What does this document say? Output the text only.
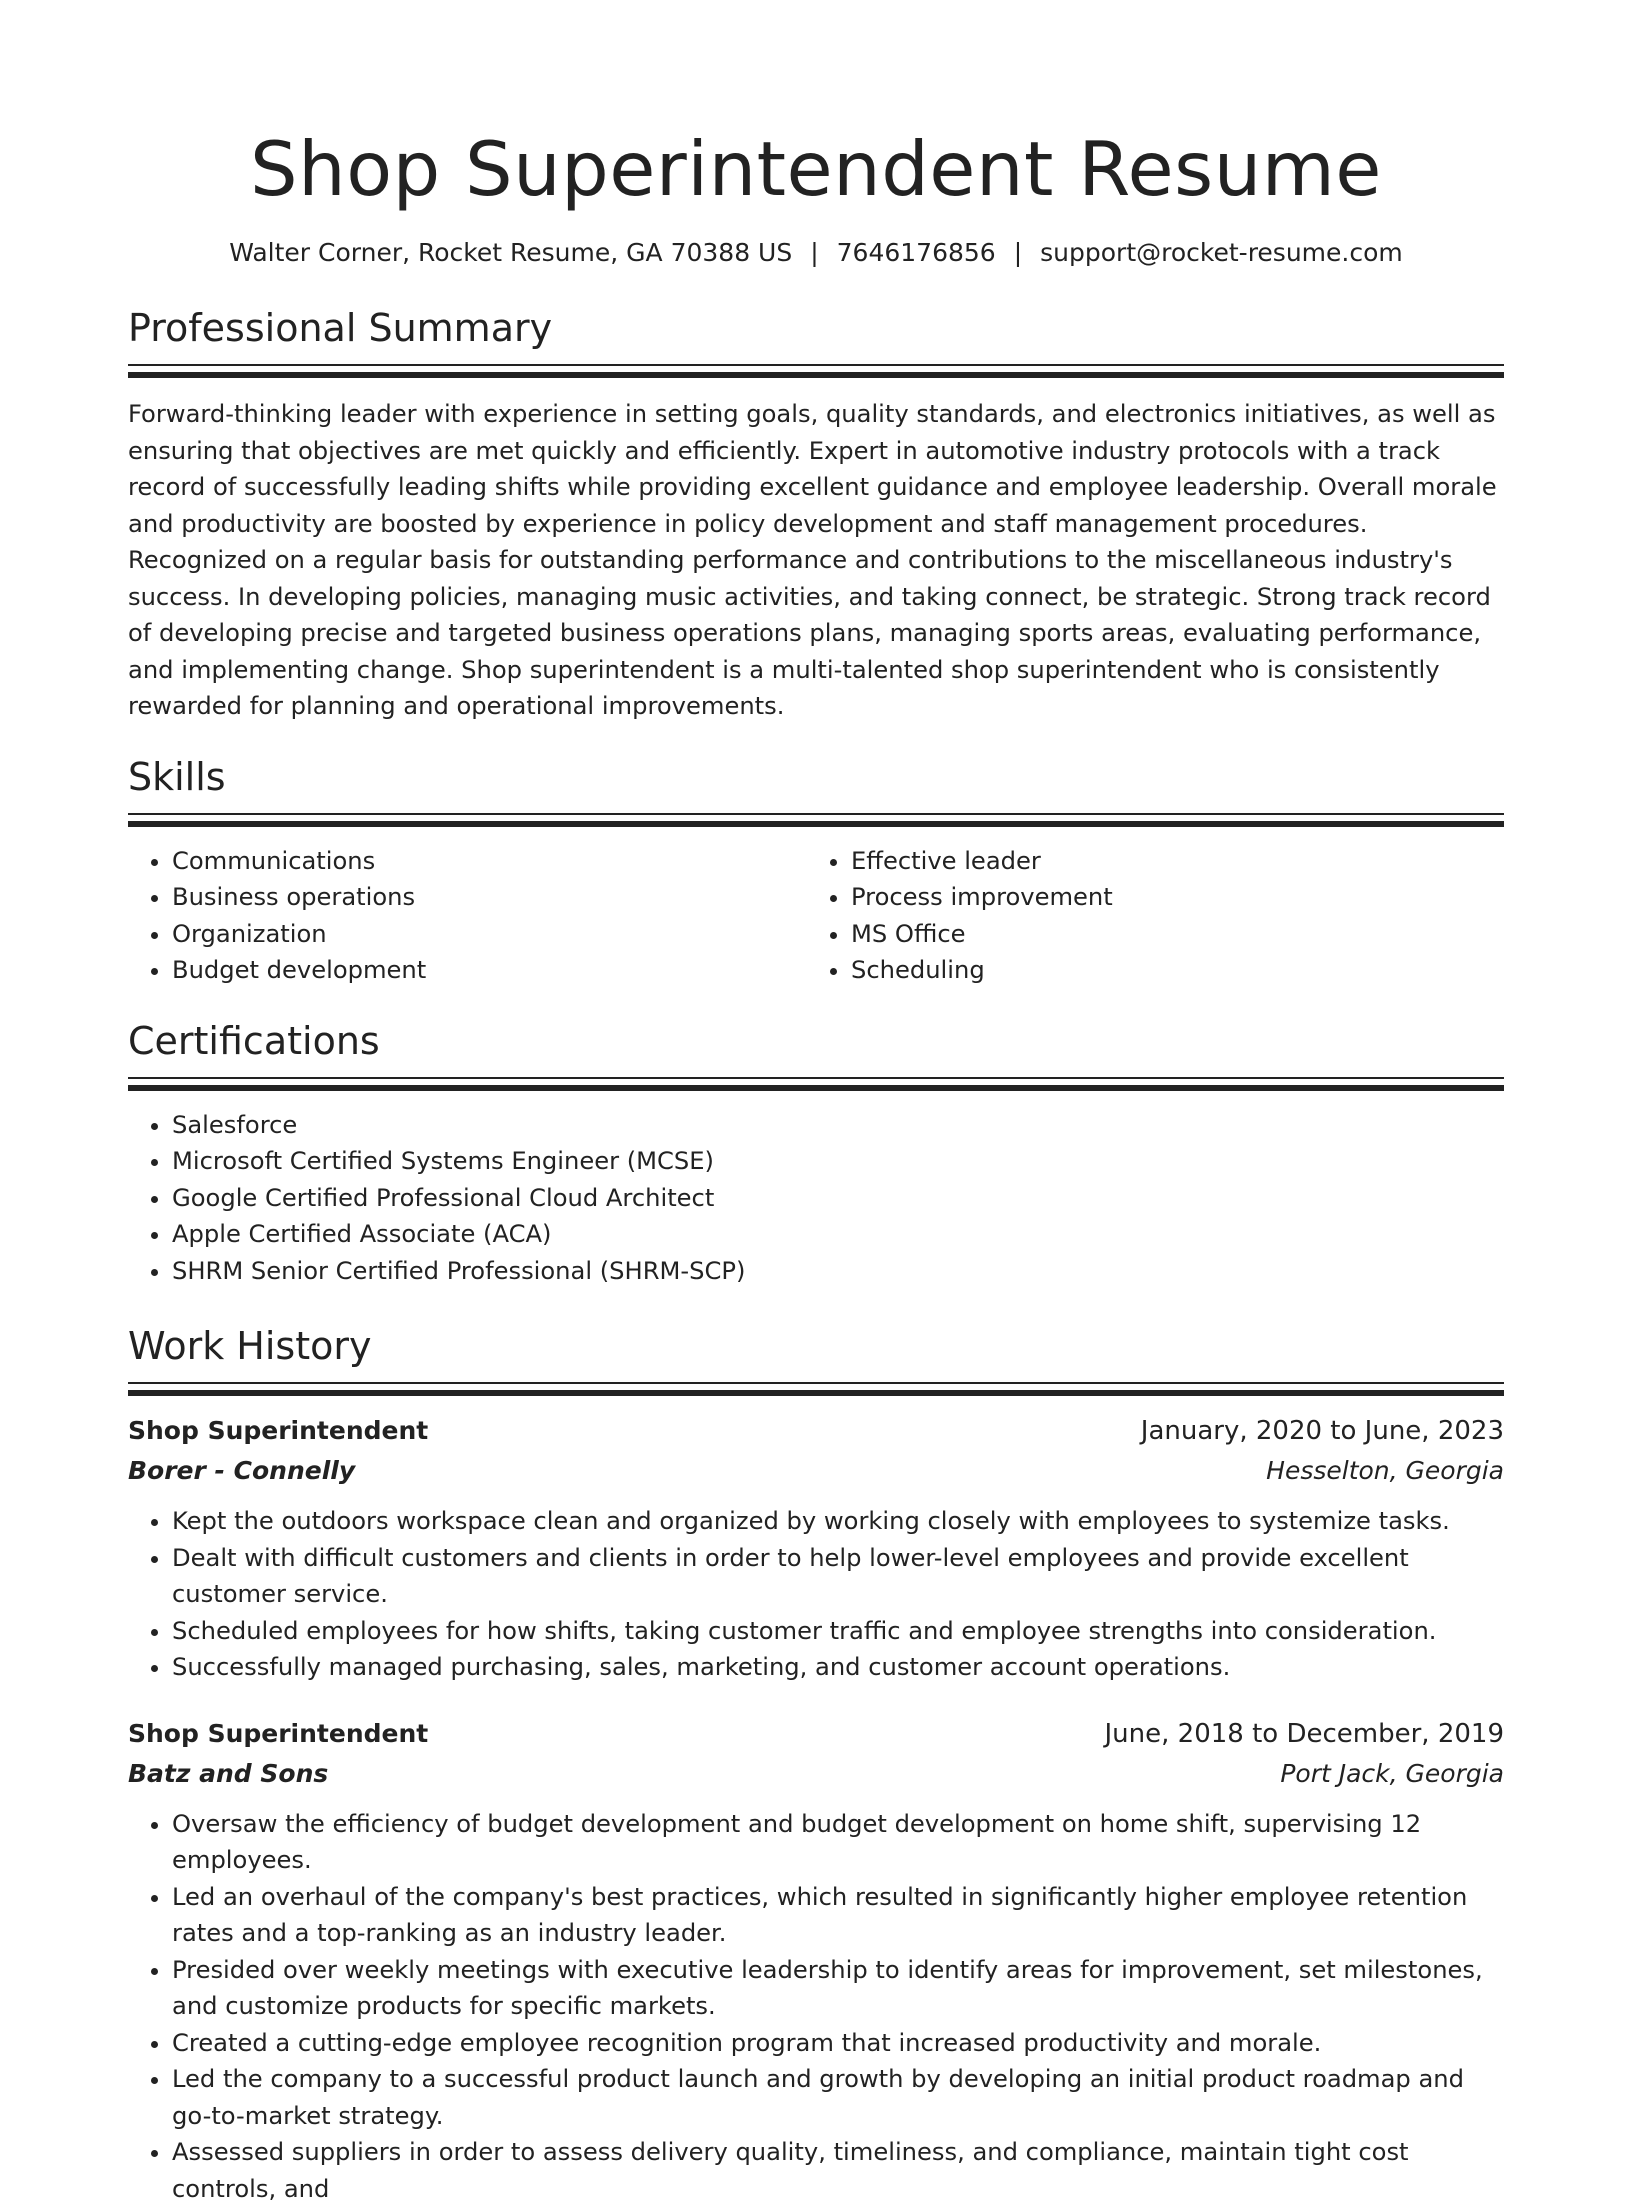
Shop Superintendent Resume
Walter Corner, Rocket Resume, GA 70388 US | 7646176856 | support@rocket-resume.com
Professional Summary

Forward-thinking leader with experience in setting goals, quality standards, and electronics initiatives, as well as ensuring that objectives are met quickly and efficiently. Expert in automotive industry protocols with a track record of successfully leading shifts while providing excellent guidance and employee leadership. Overall morale and productivity are boosted by experience in policy development and staff management procedures. Recognized on a regular basis for outstanding performance and contributions to the miscellaneous industry's success. In developing policies, managing music activities, and taking connect, be strategic. Strong track record of developing precise and targeted business operations plans, managing sports areas, evaluating performance, and implementing change. Shop superintendent is a multi-talented shop superintendent who is consistently rewarded for planning and operational improvements.

Skills
• Communications
• Business operations
• Organization
• Budget development
• Effective leader
• Process improvement
• MS Office
• Scheduling
Certifications
• Salesforce
• Microsoft Certified Systems Engineer (MCSE)
• Google Certified Professional Cloud Architect
• Apple Certified Associate (ACA)
• SHRM Senior Certified Professional (SHRM-SCP)
Work History
Shop Superintendent	January, 2020 to June, 2023
Borer - Connelly	Hesselton, Georgia
• Kept the outdoors workspace clean and organized by working closely with employees to systemize tasks.
• Dealt with difficult customers and clients in order to help lower-level employees and provide excellent customer service.
• Scheduled employees for how shifts, taking customer traffic and employee strengths into consideration.
• Successfully managed purchasing, sales, marketing, and customer account operations.
Shop Superintendent	June, 2018 to December, 2019
Batz and Sons	Port Jack, Georgia
• Oversaw the efficiency of budget development and budget development on home shift, supervising 12 employees.
• Led an overhaul of the company's best practices, which resulted in significantly higher employee retention rates and a top-ranking as an industry leader.
• Presided over weekly meetings with executive leadership to identify areas for improvement, set milestones, and customize products for specific markets.
• Created a cutting-edge employee recognition program that increased productivity and morale.
• Led the company to a successful product launch and growth by developing an initial product roadmap and go-to-market strategy.
• Assessed suppliers in order to assess delivery quality, timeliness, and compliance, maintain tight cost controls, and
